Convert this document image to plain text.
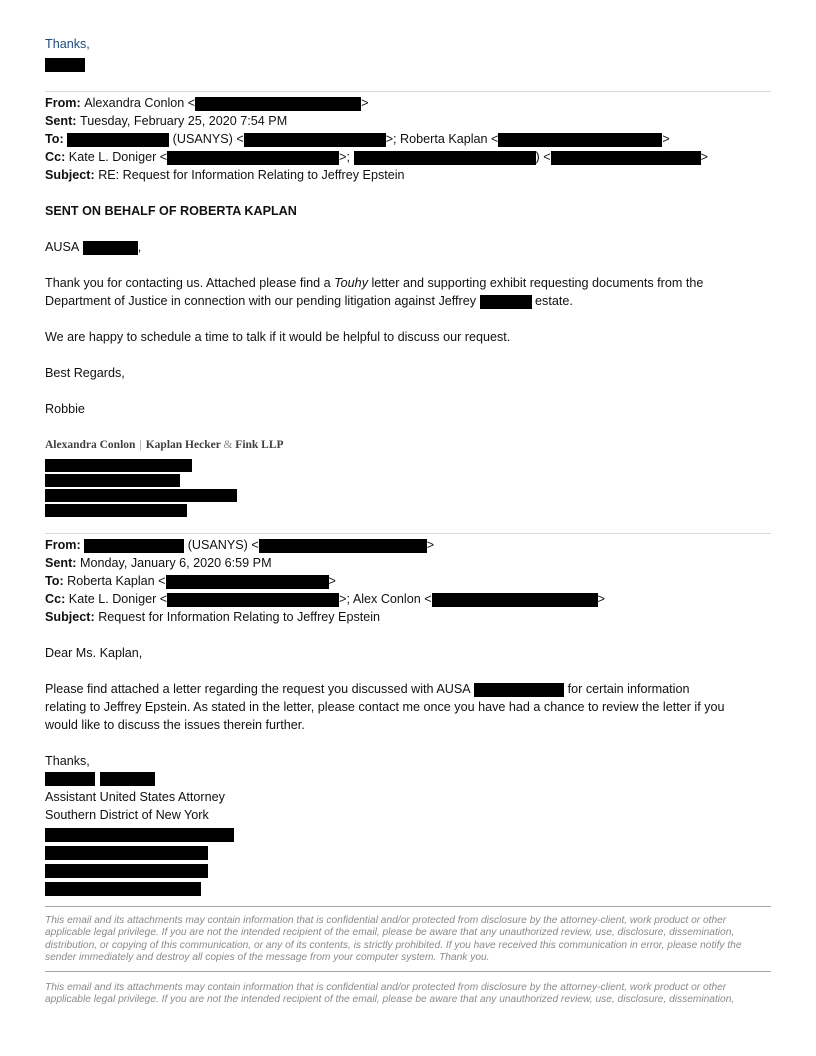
Thanks,
From:
Alexandra Conlon <	>
Sent:
Tuesday, February 25, 2020 7:54 PM
To:

	(USANYS) <	>; Roberta Kaplan <	>
Cc:
Kate L. Doniger <	>;
	) <	>
Subject:
RE: Request for Information Relating to Jeffrey Epstein
SENT ON BEHALF OF ROBERTA KAPLAN
AUSA
	,
Thank you for contacting us. Attached please find a Touhy letter and supporting exhibit requesting documents from the
Department of Justice in connection with our pending litigation against Jeffrey

	estate.
We are happy to schedule a time to talk if it would be helpful to discuss our request.
Best Regards,
Robbie
Alexandra Conlon | Kaplan Hecker & Fink LLP
From:

	(USANYS) <	>
Sent:
Monday, January 6, 2020 6:59 PM
To:
Roberta Kaplan <	>
Cc:
Kate L. Doniger <	>; Alex Conlon <	>
Subject:
Request for Information Relating to Jeffrey Epstein
Dear Ms. Kaplan,
Please find attached a letter regarding the request you discussed with AUSA

	for certain information
relating to Jeffrey Epstein. As stated in the letter, please contact me once you have had a chance to review the letter if you
would like to discuss the issues therein further.
Thanks,
Assistant United States Attorney
Southern District of New York
This email and its attachments may contain information that is confidential and/or protected from disclosure by the attorney-client, work product or other applicable legal privilege. If you are not the intended recipient of the email, please be aware that any unauthorized review, use, disclosure, dissemination, distribution, or copying of this communication, or any of its contents, is strictly prohibited. If you have received this communication in error, please notify the sender immediately and destroy all copies of the message from your computer system. Thank you.
This email and its attachments may contain information that is confidential and/or protected from disclosure by the attorney-client, work product or other applicable legal privilege. If you are not the intended recipient of the email, please be aware that any unauthorized review, use, disclosure, dissemination,
